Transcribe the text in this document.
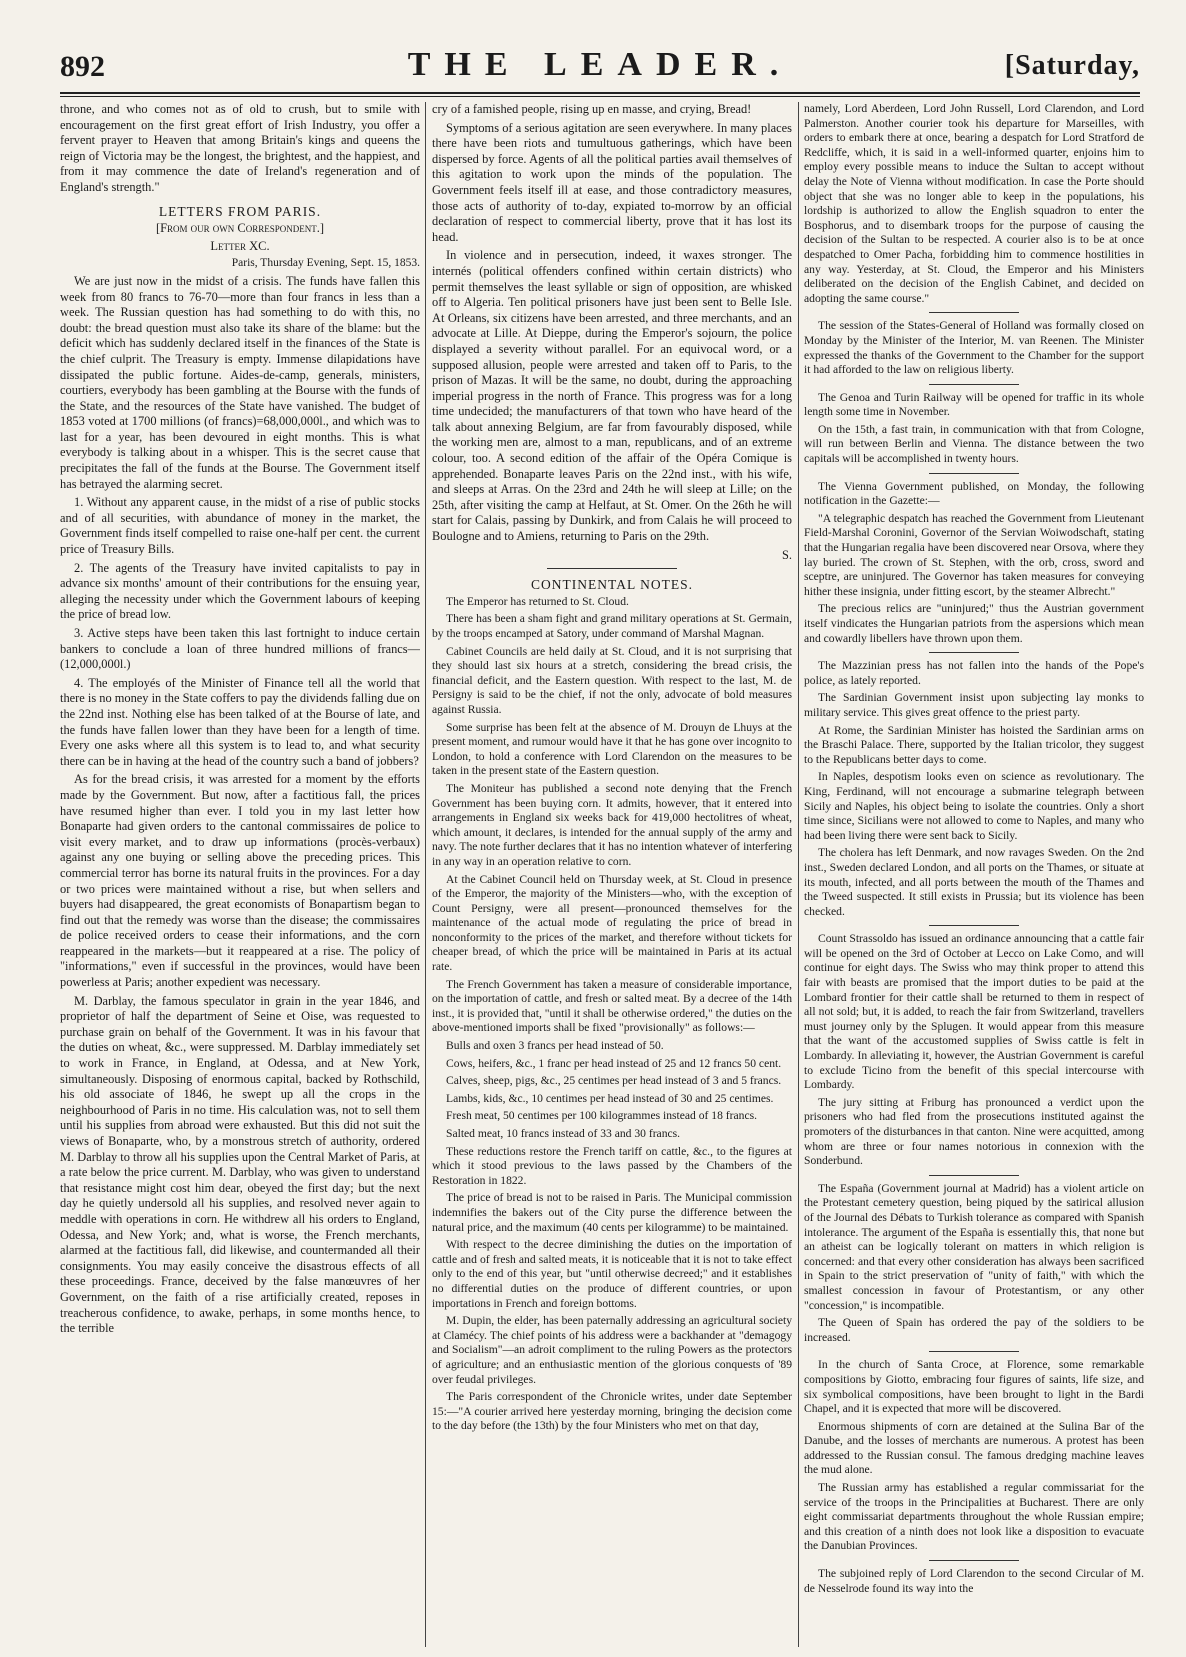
892	THE LEADER.	[Saturday,

throne, and who comes not as of old to crush, but to smile with encouragement on the first great effort of Irish Industry, you offer a fervent prayer to Heaven that among Britain's kings and queens the reign of Victoria may be the longest, the brightest, and the happiest, and from it may commence the date of Ireland's regeneration and of England's strength."

LETTERS FROM PARIS.
[From our own Correspondent.]
Letter XC.
Paris, Thursday Evening, Sept. 15, 1853.

We are just now in the midst of a crisis. The funds have fallen this week from 80 francs to 76-70—more than four francs in less than a week. The Russian question has had something to do with this, no doubt: the bread question must also take its share of the blame: but the deficit which has suddenly declared itself in the finances of the State is the chief culprit. The Treasury is empty. Immense dilapidations have dissipated the public fortune. Aides-de-camp, generals, ministers, courtiers, everybody has been gambling at the Bourse with the funds of the State, and the resources of the State have vanished. The budget of 1853 voted at 1700 millions (of francs)=68,000,000l., and which was to last for a year, has been devoured in eight months. This is what everybody is talking about in a whisper. This is the secret cause that precipitates the fall of the funds at the Bourse. The Government itself has betrayed the alarming secret.

1. Without any apparent cause, in the midst of a rise of public stocks and of all securities, with abundance of money in the market, the Government finds itself compelled to raise one-half per cent. the current price of Treasury Bills.

2. The agents of the Treasury have invited capitalists to pay in advance six months' amount of their contributions for the ensuing year, alleging the necessity under which the Government labours of keeping the price of bread low.

3. Active steps have been taken this last fortnight to induce certain bankers to conclude a loan of three hundred millions of francs—(12,000,000l.)

4. The employés of the Minister of Finance tell all the world that there is no money in the State coffers to pay the dividends falling due on the 22nd inst. Nothing else has been talked of at the Bourse of late, and the funds have fallen lower than they have been for a length of time. Every one asks where all this system is to lead to, and what security there can be in having at the head of the country such a band of jobbers?

As for the bread crisis, it was arrested for a moment by the efforts made by the Government. But now, after a factitious fall, the prices have resumed higher than ever. I told you in my last letter how Bonaparte had given orders to the cantonal commissaires de police to visit every market, and to draw up informations (procès-verbaux) against any one buying or selling above the preceding prices. This commercial terror has borne its natural fruits in the provinces. For a day or two prices were maintained without a rise, but when sellers and buyers had disappeared, the great economists of Bonapartism began to find out that the remedy was worse than the disease; the commissaires de police received orders to cease their informations, and the corn reappeared in the markets—but it reappeared at a rise. The policy of "informations," even if successful in the provinces, would have been powerless at Paris; another expedient was necessary.

M. Darblay, the famous speculator in grain in the year 1846, and proprietor of half the department of Seine et Oise, was requested to purchase grain on behalf of the Government. It was in his favour that the duties on wheat, &c., were suppressed. M. Darblay immediately set to work in France, in England, at Odessa, and at New York, simultaneously. Disposing of enormous capital, backed by Rothschild, his old associate of 1846, he swept up all the crops in the neighbourhood of Paris in no time. His calculation was, not to sell them until his supplies from abroad were exhausted. But this did not suit the views of Bonaparte, who, by a monstrous stretch of authority, ordered M. Darblay to throw all his supplies upon the Central Market of Paris, at a rate below the price current. M. Darblay, who was given to understand that resistance might cost him dear, obeyed the first day; but the next day he quietly undersold all his supplies, and resolved never again to meddle with operations in corn. He withdrew all his orders to England, Odessa, and New York; and, what is worse, the French merchants, alarmed at the factitious fall, did likewise, and countermanded all their consignments. You may easily conceive the disastrous effects of all these proceedings. France, deceived by the false manœuvres of her Government, on the faith of a rise artificially created, reposes in treacherous confidence, to awake, perhaps, in some months hence, to the terrible

cry of a famished people, rising up en masse, and crying, Bread!

Symptoms of a serious agitation are seen everywhere. In many places there have been riots and tumultuous gatherings, which have been dispersed by force. Agents of all the political parties avail themselves of this agitation to work upon the minds of the population. The Government feels itself ill at ease, and those contradictory measures, those acts of authority of to-day, expiated to-morrow by an official declaration of respect to commercial liberty, prove that it has lost its head.

In violence and in persecution, indeed, it waxes stronger. The internés (political offenders confined within certain districts) who permit themselves the least syllable or sign of opposition, are whisked off to Algeria. Ten political prisoners have just been sent to Belle Isle. At Orleans, six citizens have been arrested, and three merchants, and an advocate at Lille. At Dieppe, during the Emperor's sojourn, the police displayed a severity without parallel. For an equivocal word, or a supposed allusion, people were arrested and taken off to Paris, to the prison of Mazas. It will be the same, no doubt, during the approaching imperial progress in the north of France. This progress was for a long time undecided; the manufacturers of that town who have heard of the talk about annexing Belgium, are far from favourably disposed, while the working men are, almost to a man, republicans, and of an extreme colour, too. A second edition of the affair of the Opéra Comique is apprehended. Bonaparte leaves Paris on the 22nd inst., with his wife, and sleeps at Arras. On the 23rd and 24th he will sleep at Lille; on the 25th, after visiting the camp at Helfaut, at St. Omer. On the 26th he will start for Calais, passing by Dunkirk, and from Calais he will proceed to Boulogne and to Amiens, returning to Paris on the 29th.

S.

CONTINENTAL NOTES.

The Emperor has returned to St. Cloud.

There has been a sham fight and grand military operations at St. Germain, by the troops encamped at Satory, under command of Marshal Magnan.

Cabinet Councils are held daily at St. Cloud, and it is not surprising that they should last six hours at a stretch, considering the bread crisis, the financial deficit, and the Eastern question. With respect to the last, M. de Persigny is said to be the chief, if not the only, advocate of bold measures against Russia.

Some surprise has been felt at the absence of M. Drouyn de Lhuys at the present moment, and rumour would have it that he has gone over incognito to London, to hold a conference with Lord Clarendon on the measures to be taken in the present state of the Eastern question.

The Moniteur has published a second note denying that the French Government has been buying corn. It admits, however, that it entered into arrangements in England six weeks back for 419,000 hectolitres of wheat, which amount, it declares, is intended for the annual supply of the army and navy. The note further declares that it has no intention whatever of interfering in any way in an operation relative to corn.

At the Cabinet Council held on Thursday week, at St. Cloud in presence of the Emperor, the majority of the Ministers—who, with the exception of Count Persigny, were all present—pronounced themselves for the maintenance of the actual mode of regulating the price of bread in nonconformity to the prices of the market, and therefore without tickets for cheaper bread, of which the price will be maintained in Paris at its actual rate.

The French Government has taken a measure of considerable importance, on the importation of cattle, and fresh or salted meat. By a decree of the 14th inst., it is provided that, "until it shall be otherwise ordered," the duties on the above-mentioned imports shall be fixed "provisionally" as follows:—

Bulls and oxen 3 francs per head instead of 50.

Cows, heifers, &c., 1 franc per head instead of 25 and 12 francs 50 cent.

Calves, sheep, pigs, &c., 25 centimes per head instead of 3 and 5 francs.

Lambs, kids, &c., 10 centimes per head instead of 30 and 25 centimes.

Fresh meat, 50 centimes per 100 kilogrammes instead of 18 francs.

Salted meat, 10 francs instead of 33 and 30 francs.

These reductions restore the French tariff on cattle, &c., to the figures at which it stood previous to the laws passed by the Chambers of the Restoration in 1822.

The price of bread is not to be raised in Paris. The Municipal commission indemnifies the bakers out of the City purse the difference between the natural price, and the maximum (40 cents per kilogramme) to be maintained.

With respect to the decree diminishing the duties on the importation of cattle and of fresh and salted meats, it is noticeable that it is not to take effect only to the end of this year, but "until otherwise decreed;" and it establishes no differential duties on the produce of different countries, or upon importations in French and foreign bottoms.

M. Dupin, the elder, has been paternally addressing an agricultural society at Clamécy. The chief points of his address were a backhander at "demagogy and Socialism"—an adroit compliment to the ruling Powers as the protectors of agriculture; and an enthusiastic mention of the glorious conquests of '89 over feudal privileges.

The Paris correspondent of the Chronicle writes, under date September 15:—"A courier arrived here yesterday morning, bringing the decision come to the day before (the 13th) by the four Ministers who met on that day,

namely, Lord Aberdeen, Lord John Russell, Lord Clarendon, and Lord Palmerston. Another courier took his departure for Marseilles, with orders to embark there at once, bearing a despatch for Lord Stratford de Redcliffe, which, it is said in a well-informed quarter, enjoins him to employ every possible means to induce the Sultan to accept without delay the Note of Vienna without modification. In case the Porte should object that she was no longer able to keep in the populations, his lordship is authorized to allow the English squadron to enter the Bosphorus, and to disembark troops for the purpose of causing the decision of the Sultan to be respected. A courier also is to be at once despatched to Omer Pacha, forbidding him to commence hostilities in any way. Yesterday, at St. Cloud, the Emperor and his Ministers deliberated on the decision of the English Cabinet, and decided on adopting the same course."

The session of the States-General of Holland was formally closed on Monday by the Minister of the Interior, M. van Reenen. The Minister expressed the thanks of the Government to the Chamber for the support it had afforded to the law on religious liberty.

The Genoa and Turin Railway will be opened for traffic in its whole length some time in November.

On the 15th, a fast train, in communication with that from Cologne, will run between Berlin and Vienna. The distance between the two capitals will be accomplished in twenty hours.

The Vienna Government published, on Monday, the following notification in the Gazette:—

"A telegraphic despatch has reached the Government from Lieutenant Field-Marshal Coronini, Governor of the Servian Woiwodschaft, stating that the Hungarian regalia have been discovered near Orsova, where they lay buried. The crown of St. Stephen, with the orb, cross, sword and sceptre, are uninjured. The Governor has taken measures for conveying hither these insignia, under fitting escort, by the steamer Albrecht."

The precious relics are "uninjured;" thus the Austrian government itself vindicates the Hungarian patriots from the aspersions which mean and cowardly libellers have thrown upon them.

The Mazzinian press has not fallen into the hands of the Pope's police, as lately reported.

The Sardinian Government insist upon subjecting lay monks to military service. This gives great offence to the priest party.

At Rome, the Sardinian Minister has hoisted the Sardinian arms on the Braschi Palace. There, supported by the Italian tricolor, they suggest to the Republicans better days to come.

In Naples, despotism looks even on science as revolutionary. The King, Ferdinand, will not encourage a submarine telegraph between Sicily and Naples, his object being to isolate the countries. Only a short time since, Sicilians were not allowed to come to Naples, and many who had been living there were sent back to Sicily.

The cholera has left Denmark, and now ravages Sweden. On the 2nd inst., Sweden declared London, and all ports on the Thames, or situate at its mouth, infected, and all ports between the mouth of the Thames and the Tweed suspected. It still exists in Prussia; but its violence has been checked.

Count Strassoldo has issued an ordinance announcing that a cattle fair will be opened on the 3rd of October at Lecco on Lake Como, and will continue for eight days. The Swiss who may think proper to attend this fair with beasts are promised that the import duties to be paid at the Lombard frontier for their cattle shall be returned to them in respect of all not sold; but, it is added, to reach the fair from Switzerland, travellers must journey only by the Splugen. It would appear from this measure that the want of the accustomed supplies of Swiss cattle is felt in Lombardy. In alleviating it, however, the Austrian Government is careful to exclude Ticino from the benefit of this special intercourse with Lombardy.

The jury sitting at Friburg has pronounced a verdict upon the prisoners who had fled from the prosecutions instituted against the promoters of the disturbances in that canton. Nine were acquitted, among whom are three or four names notorious in connexion with the Sonderbund.

The España (Government journal at Madrid) has a violent article on the Protestant cemetery question, being piqued by the satirical allusion of the Journal des Débats to Turkish tolerance as compared with Spanish intolerance. The argument of the España is essentially this, that none but an atheist can be logically tolerant on matters in which religion is concerned: and that every other consideration has always been sacrificed in Spain to the strict preservation of "unity of faith," with which the smallest concession in favour of Protestantism, or any other "concession," is incompatible.

The Queen of Spain has ordered the pay of the soldiers to be increased.

In the church of Santa Croce, at Florence, some remarkable compositions by Giotto, embracing four figures of saints, life size, and six symbolical compositions, have been brought to light in the Bardi Chapel, and it is expected that more will be discovered.

Enormous shipments of corn are detained at the Sulina Bar of the Danube, and the losses of merchants are numerous. A protest has been addressed to the Russian consul. The famous dredging machine leaves the mud alone.

The Russian army has established a regular commissariat for the service of the troops in the Principalities at Bucharest. There are only eight commissariat departments throughout the whole Russian empire; and this creation of a ninth does not look like a disposition to evacuate the Danubian Provinces.

The subjoined reply of Lord Clarendon to the second Circular of M. de Nesselrode found its way into the
